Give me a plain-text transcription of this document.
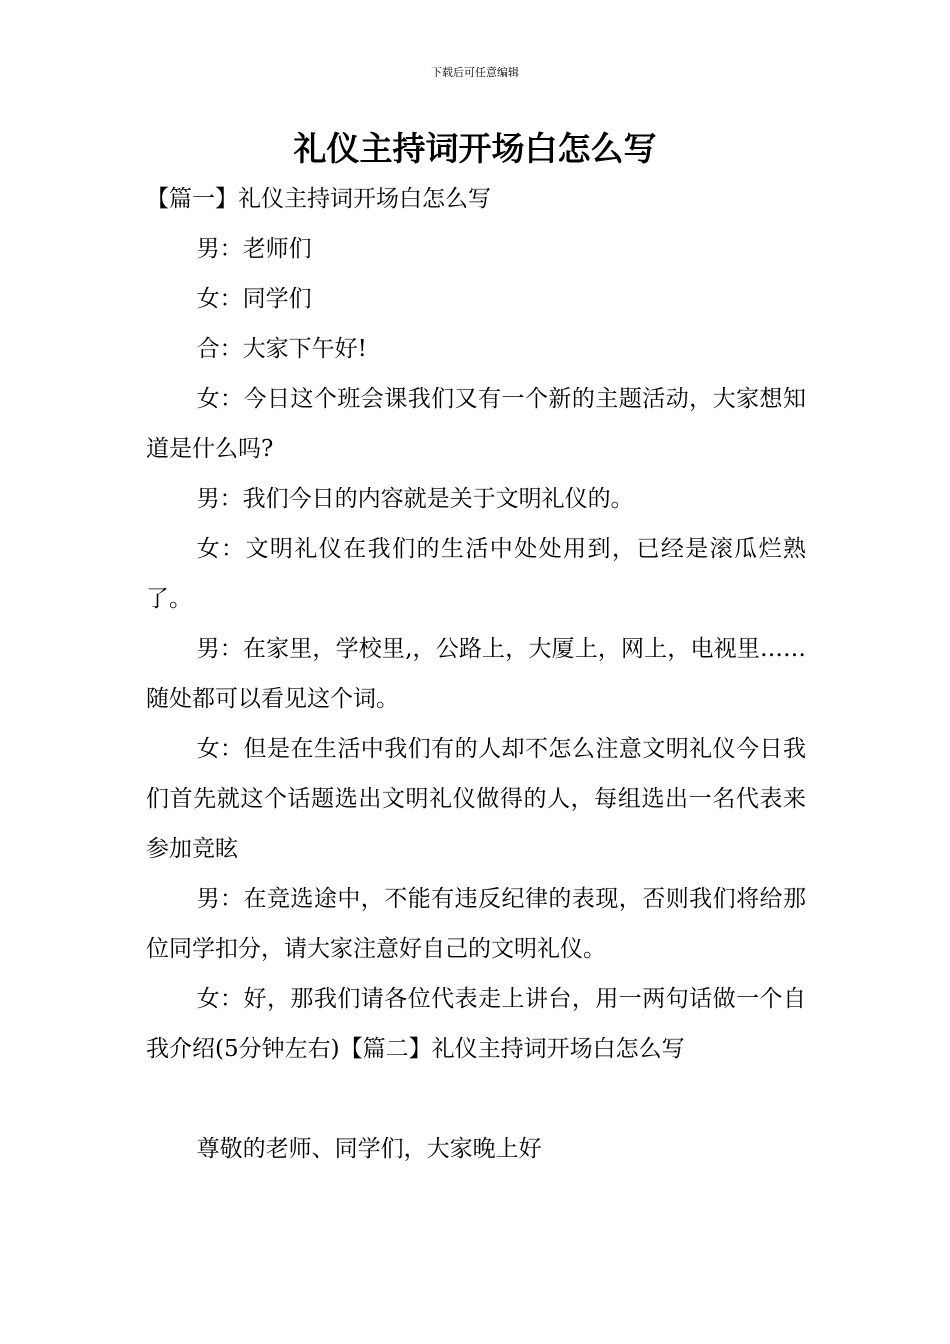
下载后可任意编辑
礼仪主持词开场白怎么写

【篇一】礼仪主持词开场白怎么写

男：老师们

女：同学们

合：大家下午好!

女：今日这个班会课我们又有一个新的主题活动，大家想知道是什么吗?

男：我们今日的内容就是关于文明礼仪的。

女：文明礼仪在我们的生活中处处用到，已经是滚瓜烂熟了。

男：在家里，学校里,，公路上，大厦上，网上，电视里……随处都可以看见这个词。

女：但是在生活中我们有的人却不怎么注意文明礼仪今日我们首先就这个话题选出文明礼仪做得的人，每组选出一名代表来参加竞眩

男：在竞选途中，不能有违反纪律的表现，否则我们将给那位同学扣分，请大家注意好自己的文明礼仪。

女：好，那我们请各位代表走上讲台，用一两句话做一个自我介绍(5分钟左右)【篇二】礼仪主持词开场白怎么写

尊敬的老师、同学们，大家晚上好
